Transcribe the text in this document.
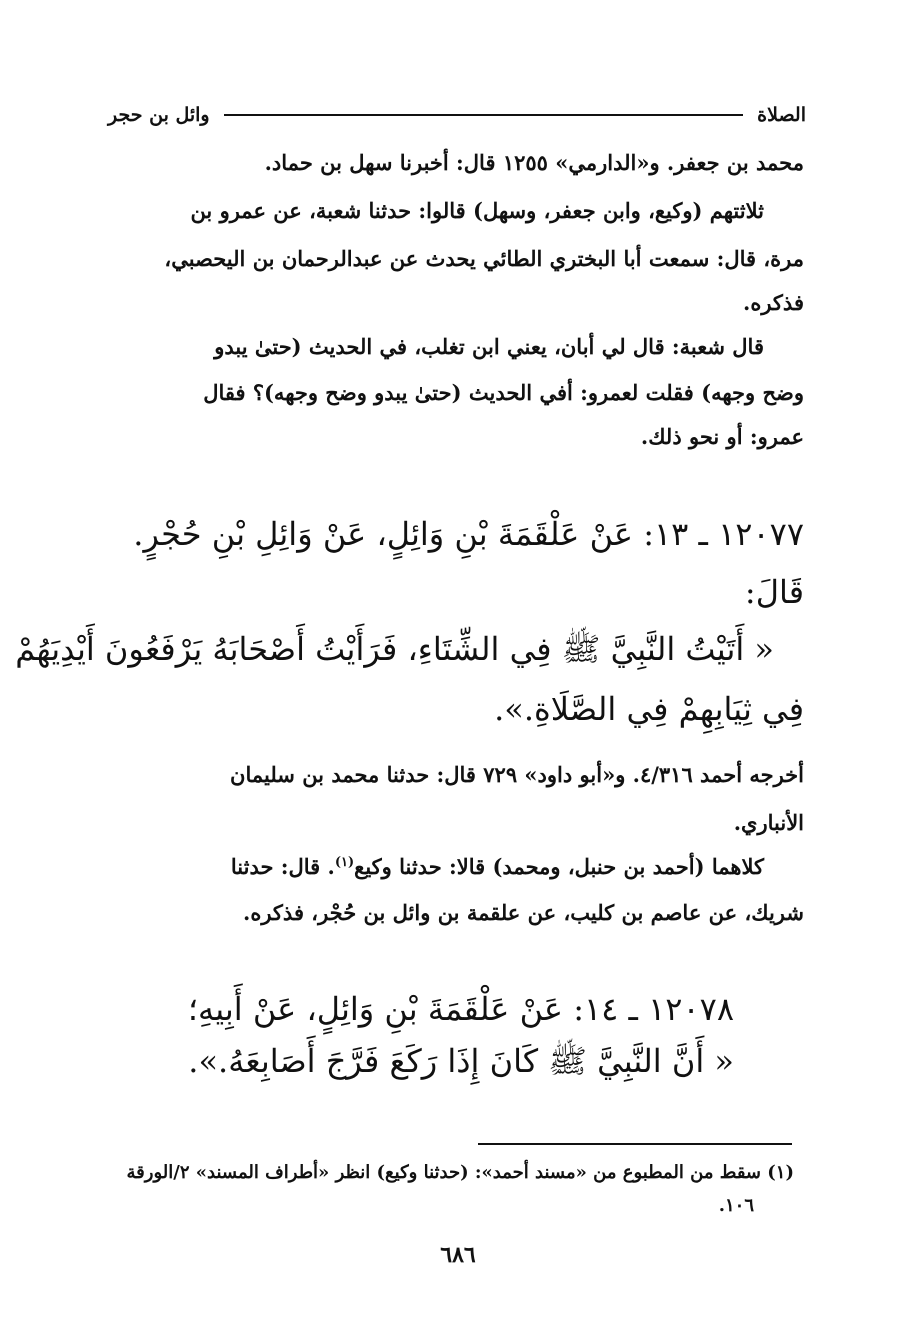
الصلاة
وائل بن حجر
محمد بن جعفر. و«الدارمي» ١٢٥٥ قال: أخبرنا سهل بن حماد.
ثلاثتهم (وكيع، وابن جعفر، وسهل) قالوا: حدثنا شعبة، عن عمرو بن
مرة، قال: سمعت أبا البختري الطائي يحدث عن عبدالرحمان بن اليحصبي،
فذكره.
قال شعبة: قال لي أبان، يعني ابن تغلب، في الحديث (حتىٰ يبدو
وضح وجهه) فقلت لعمرو: أفي الحديث (حتىٰ يبدو وضح وجهه)؟ فقال
عمرو: أو نحو ذلك.
١٢٠٧٧ ـ ١٣: عَنْ عَلْقَمَةَ بْنِ وَائِلٍ، عَنْ وَائِلِ بْنِ حُجْرٍ.
قَالَ:
« أَتَيْتُ النَّبِيَّ ﷺ فِي الشِّتَاءِ، فَرَأَيْتُ أَصْحَابَهُ يَرْفَعُونَ أَيْدِيَهُمْ
فِي ثِيَابِهِمْ فِي الصَّلَاةِ.».
أخرجه أحمد ٤/٣١٦. و«أبو داود» ٧٢٩ قال: حدثنا محمد بن سليمان
الأنباري.
كلاهما (أحمد بن حنبل، ومحمد) قالا: حدثنا وكيع$^{(١)}$. قال: حدثنا
شريك، عن عاصم بن كليب، عن علقمة بن وائل بن حُجْر، فذكره.
١٢٠٧٨ ـ ١٤: عَنْ عَلْقَمَةَ بْنِ وَائِلٍ، عَنْ أَبِيهِ؛
« أَنَّ النَّبِيَّ ﷺ كَانَ إِذَا رَكَعَ فَرَّجَ أَصَابِعَهُ.».
(١) سقط من المطبوع من «مسند أحمد»: (حدثنا وكيع) انظر «أطراف المسند» ٢/الورقة
١٠٦.
٦٨٦
